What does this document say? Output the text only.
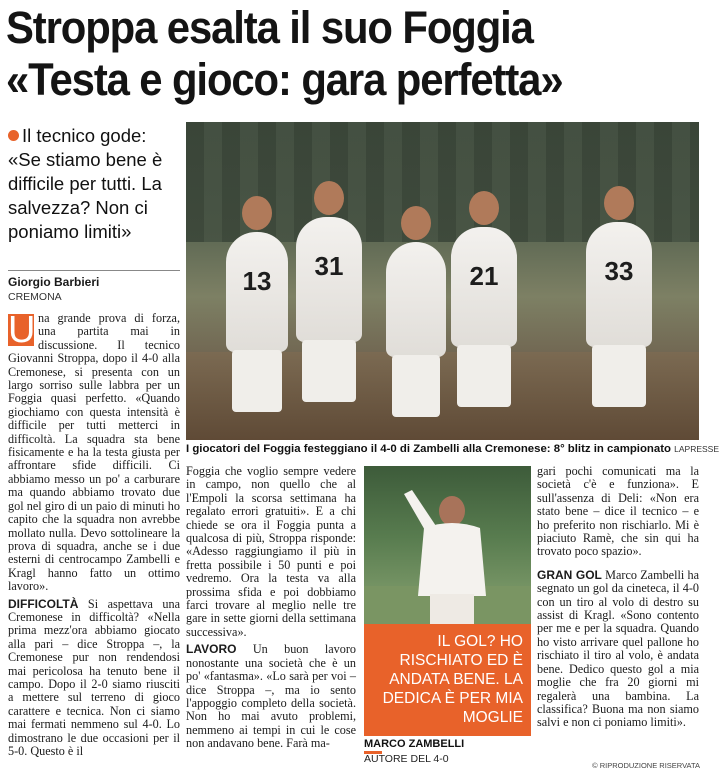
Stroppa esalta il suo Foggia
«Testa e gioco: gara perfetta»
Il tecnico gode: «Se stiamo bene è difficile per tutti. La salvezza? Non ci poniamo limiti»
Giorgio Barbieri
CREMONA

U na grande prova di forza, una partita mai in discussione. Il tecnico Giovanni Stroppa, dopo il 4-0 alla Cremonese, si presenta con un largo sorriso sulle labbra per un Foggia quasi perfetto. «Quando giochiamo con questa intensità è difficile per tutti metterci in difficoltà. La squadra sta bene fisicamente e ha la testa giusta per affrontare sfide difficili. Ci abbiamo messo un po' a carburare ma quando abbiamo trovato due gol nel giro di un paio di minuti ho capito che la squadra non avrebbe mollato nulla. Devo sottolineare la prova di squadra, anche se i due esterni di centrocampo Zambelli e Kragl hanno fatto un ottimo lavoro».

DIFFICOLTÀ Si aspettava una Cremonese in difficoltà? «Nella prima mezz'ora abbiamo giocato alla pari – dice Stroppa –, la Cremonese pur non rendendosi mai pericolosa ha tenuto bene il campo. Dopo il 2-0 siamo riusciti a mettere sul terreno di gioco carattere e tecnica. Non ci siamo mai fermati nemmeno sul 4-0. Lo dimostrano le due occasioni per il 5-0. Questo è il

13	31	21	33
I giocatori del Foggia festeggiano il 4-0 di Zambelli alla Cremonese: 8° blitz in campionato LAPRESSE

Foggia che voglio sempre vedere in campo, non quello che al l'Empoli la scorsa settimana ha regalato errori gratuiti». E a chi chiede se ora il Foggia punta a qualcosa di più, Stroppa risponde: «Adesso raggiungiamo il più in fretta possibile i 50 punti e poi vedremo. Ora la testa va alla prossima sfida e poi dobbiamo farci trovare al meglio nelle tre gare in sette giorni della settimana successiva».

LAVORO Un buon lavoro nonostante una società che è un po' «fantasma». «Lo sarà per voi – dice Stroppa –, ma io sento l'appoggio completo della società. Non ho mai avuto problemi, nemmeno ai tempi in cui le cose non andavano bene. Farà ma-

IL GOL? HO RISCHIATO ED È ANDATA BENE. LA DEDICA È PER MIA MOGLIE
MARCO ZAMBELLI
AUTORE DEL 4-0

gari pochi comunicati ma la società c'è e funziona». E sull'assenza di Deli: «Non era stato bene – dice il tecnico – e ho preferito non rischiarlo. Mi è piaciuto Ramè, che sin qui ha trovato poco spazio».

GRAN GOL Marco Zambelli ha segnato un gol da cineteca, il 4-0 con un tiro al volo di destro su assist di Kragl. «Sono contento per me e per la squadra. Quando ho visto arrivare quel pallone ho rischiato il tiro al volo, è andata bene. Dedico questo gol a mia moglie che fra 20 giorni mi regalerà una bambina. La classifica? Buona ma non siamo salvi e non ci poniamo limiti».

© RIPRODUZIONE RISERVATA
